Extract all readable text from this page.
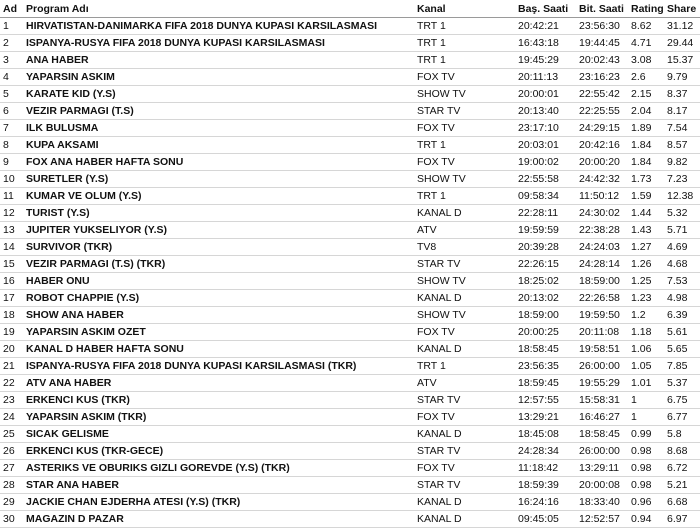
Ad	Program Adı	Kanal	Baş. Saati	Bit. Saati	Rating	Share
1	HIRVATISTAN-DANIMARKA FIFA 2018 DUNYA KUPASI KARSILASMASI	TRT 1	20:42:21	23:56:30	8.62	31.12
2	ISPANYA-RUSYA FIFA 2018 DUNYA KUPASI KARSILASMASI	TRT 1	16:43:18	19:44:45	4.71	29.44
3	ANA HABER	TRT 1	19:45:29	20:02:43	3.08	15.37
4	YAPARSIN ASKIM	FOX TV	20:11:13	23:16:23	2.6	9.79
5	KARATE KID (Y.S)	SHOW TV	20:00:01	22:55:42	2.15	8.37
6	VEZIR PARMAGI (T.S)	STAR TV	20:13:40	22:25:55	2.04	8.17
7	ILK BULUSMA	FOX TV	23:17:10	24:29:15	1.89	7.54
8	KUPA AKSAMI	TRT 1	20:03:01	20:42:16	1.84	8.57
9	FOX ANA HABER HAFTA SONU	FOX TV	19:00:02	20:00:20	1.84	9.82
10	SURETLER (Y.S)	SHOW TV	22:55:58	24:42:32	1.73	7.23
11	KUMAR VE OLUM (Y.S)	TRT 1	09:58:34	11:50:12	1.59	12.38
12	TURIST (Y.S)	KANAL D	22:28:11	24:30:02	1.44	5.32
13	JUPITER YUKSELIYOR (Y.S)	ATV	19:59:59	22:38:28	1.43	5.71
14	SURVIVOR (TKR)	TV8	20:39:28	24:24:03	1.27	4.69
15	VEZIR PARMAGI (T.S) (TKR)	STAR TV	22:26:15	24:28:14	1.26	4.68
16	HABER ONU	SHOW TV	18:25:02	18:59:00	1.25	7.53
17	ROBOT CHAPPIE (Y.S)	KANAL D	20:13:02	22:26:58	1.23	4.98
18	SHOW ANA HABER	SHOW TV	18:59:00	19:59:50	1.2	6.39
19	YAPARSIN ASKIM OZET	FOX TV	20:00:25	20:11:08	1.18	5.61
20	KANAL D HABER HAFTA SONU	KANAL D	18:58:45	19:58:51	1.06	5.65
21	ISPANYA-RUSYA FIFA 2018 DUNYA KUPASI KARSILASMASI (TKR)	TRT 1	23:56:35	26:00:00	1.05	7.85
22	ATV ANA HABER	ATV	18:59:45	19:55:29	1.01	5.37
23	ERKENCI KUS (TKR)	STAR TV	12:57:55	15:58:31	1	6.75
24	YAPARSIN ASKIM (TKR)	FOX TV	13:29:21	16:46:27	1	6.77
25	SICAK GELISME	KANAL D	18:45:08	18:58:45	0.99	5.8
26	ERKENCI KUS (TKR-GECE)	STAR TV	24:28:34	26:00:00	0.98	8.68
27	ASTERIKS VE OBURIKS GIZLI GOREVDE (Y.S) (TKR)	FOX TV	11:18:42	13:29:11	0.98	6.72
28	STAR ANA HABER	STAR TV	18:59:39	20:00:08	0.98	5.21
29	JACKIE CHAN EJDERHA ATESI (Y.S) (TKR)	KANAL D	16:24:16	18:33:40	0.96	6.68
30	MAGAZIN D PAZAR	KANAL D	09:45:05	12:52:57	0.94	6.97
